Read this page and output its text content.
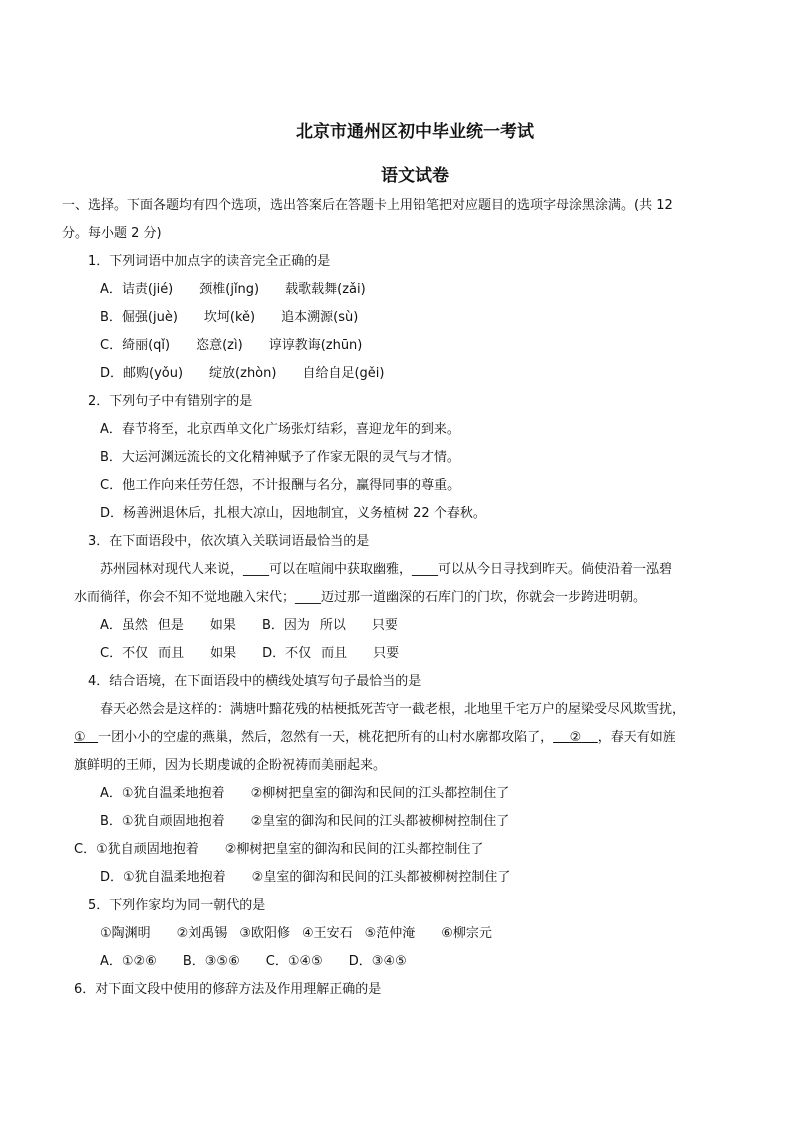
北京市通州区初中毕业统一考试
语文试卷
一、选择。下面各题均有四个选项，选出答案后在答题卡上用铅笔把对应题目的选项字母涂黑涂满。(共 12
分。每小题 2 分)
1．下列词语中加点字的读音完全正确的是
A．诘责(jié) 颈椎(jǐng) 载歌载舞(zǎi)
B．倔强(juè) 坎坷(kě) 追本溯源(sù)
C．绮丽(qǐ) 恣意(zì) 谆谆教诲(zhūn)
D．邮购(yǒu) 绽放(zhòn) 自给自足(gěi)
2．下列句子中有错别字的是
A．春节将至，北京西单文化广场张灯结彩，喜迎龙年的到来。
B．大运河渊远流长的文化精神赋予了作家无限的灵气与才情。
C．他工作向来任劳任怨，不计报酬与名分，赢得同事的尊重。
D．杨善洲退休后，扎根大凉山，因地制宜，义务植树 22 个春秋。
3．在下面语段中，依次填入关联词语最恰当的是
苏州园林对现代人来说，____可以在喧闹中获取幽雅，____可以从今日寻找到昨天。倘使沿着一泓碧
水而徜徉，你会不知不觉地融入宋代；____迈过那一道幽深的石库门的门坎，你就会一步跨进明朝。
A．虽然 但是 如果 B．因为 所以 只要
C．不仅 而且 如果 D．不仅 而且 只要
4．结合语境，在下面语段中的横线处填写句子最恰当的是
春天必然会是这样的：满塘叶黯花残的枯梗抵死苦守一截老根，北地里千宅万户的屋梁受尽风欺雪扰，
① 一团小小的空虚的燕巢，然后，忽然有一天，桃花把所有的山村水廓都攻陷了， ② ，春天有如旌
旗鲜明的王师，因为长期虔诚的企盼祝祷而美丽起来。
A．①犹自温柔地抱着 ②柳树把皇室的御沟和民间的江头都控制住了
B．①犹自顽固地抱着 ②皇室的御沟和民间的江头都被柳树控制住了
C．①犹自顽固地抱着 ②柳树把皇室的御沟和民间的江头都控制住了
D．①犹自温柔地抱着 ②皇室的御沟和民间的江头都被柳树控制住了
5．下列作家均为同一朝代的是
①陶渊明 ②刘禹锡 ③欧阳修 ④王安石 ⑤范仲淹 ⑥柳宗元
A．①②⑥ B．③⑤⑥ C．①④⑤ D．③④⑤
6．对下面文段中使用的修辞方法及作用理解正确的是
